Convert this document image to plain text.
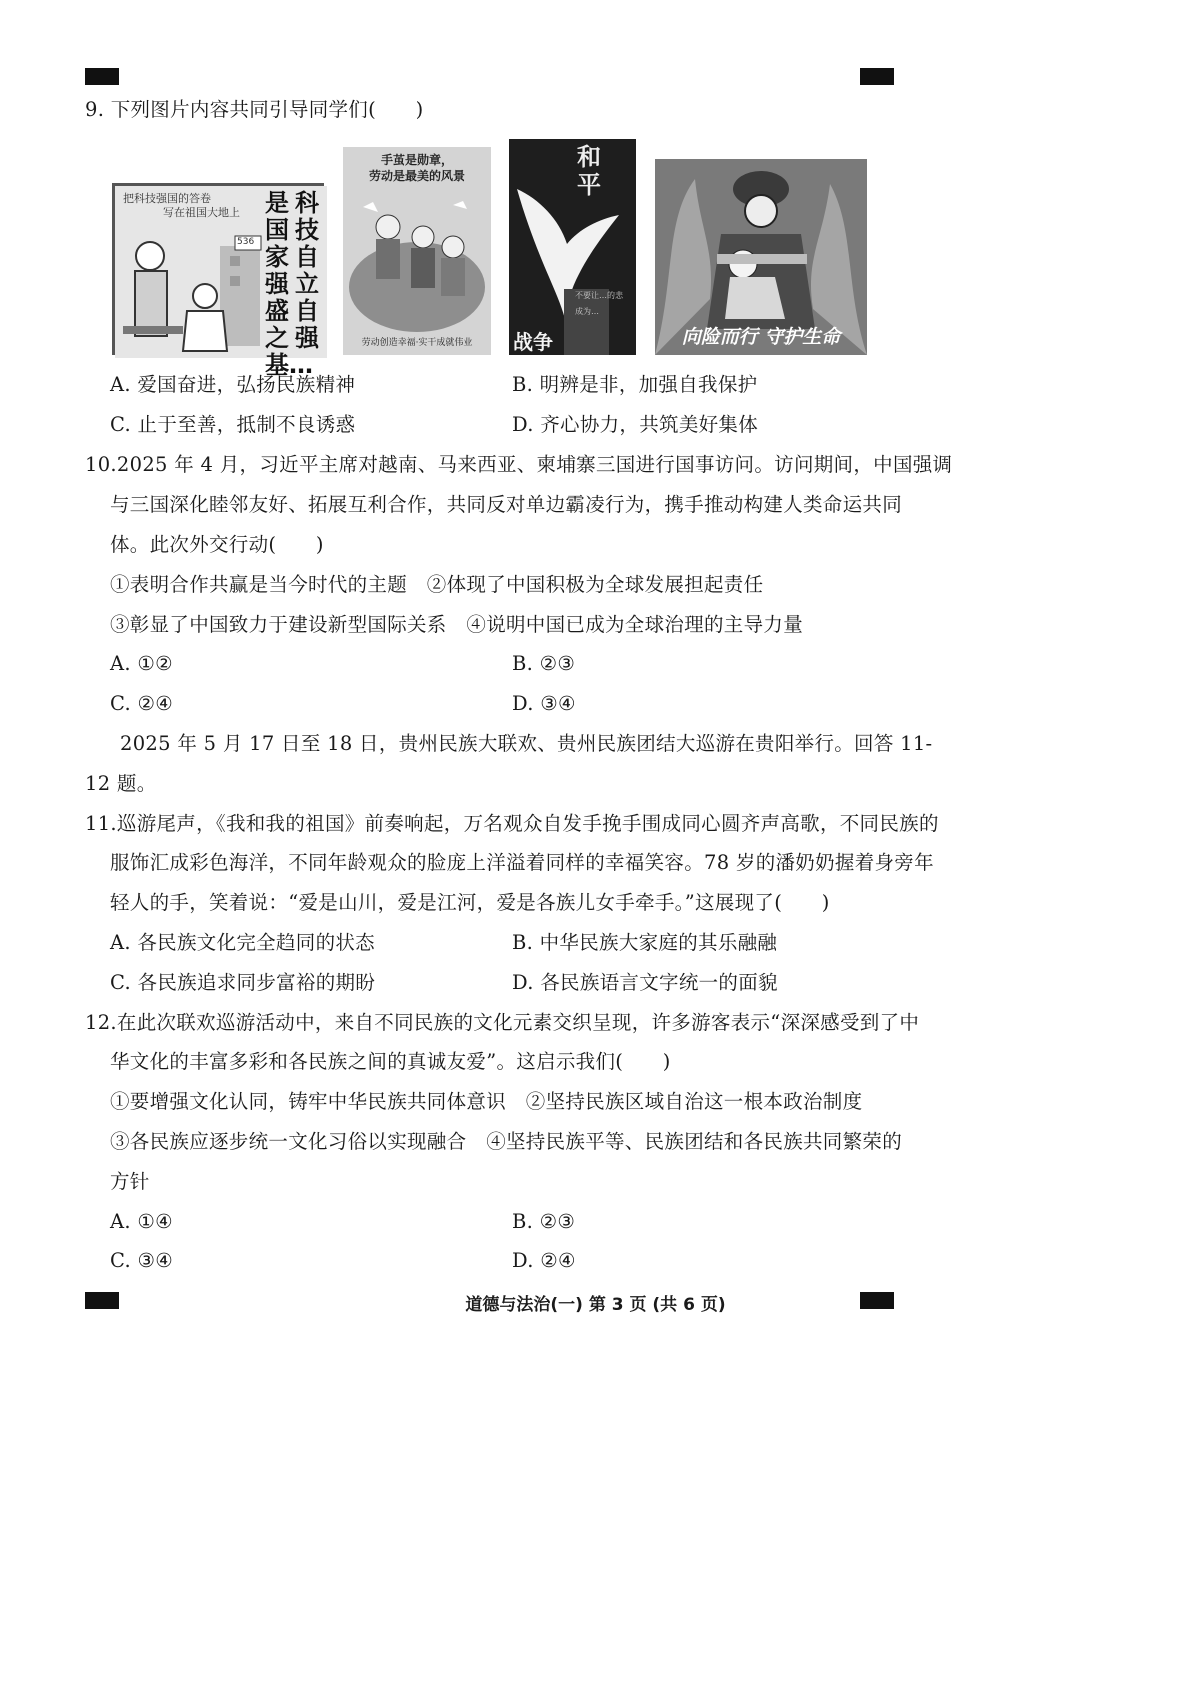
9. 下列图片内容共同引导同学们(　　)
把科技强国的答卷
写在祖国大地上
536
科技自立自强
是国家强盛之基…
手茧是勋章，
劳动是最美的风景
劳动创造幸福·实干成就伟业
和平
不要让…的悲
成为…
战争	向险而行 守护生命
A. 爱国奋进，弘扬民族精神	B. 明辨是非，加强自我保护
C. 止于至善，抵制不良诱惑	D. 齐心协力，共筑美好集体
10.2025 年 4 月，习近平主席对越南、马来西亚、柬埔寨三国进行国事访问。访问期间，中国强调
与三国深化睦邻友好、拓展互利合作，共同反对单边霸凌行为，携手推动构建人类命运共同
体。此次外交行动(　　)
①表明合作共赢是当今时代的主题　②体现了中国积极为全球发展担起责任
③彰显了中国致力于建设新型国际关系　④说明中国已成为全球治理的主导力量
A. ①②	B. ②③
C. ②④	D. ③④
2025 年 5 月 17 日至 18 日，贵州民族大联欢、贵州民族团结大巡游在贵阳举行。回答 11-
12 题。
11.巡游尾声，《我和我的祖国》前奏响起，万名观众自发手挽手围成同心圆齐声高歌，不同民族的
服饰汇成彩色海洋，不同年龄观众的脸庞上洋溢着同样的幸福笑容。78 岁的潘奶奶握着身旁年
轻人的手，笑着说：“爱是山川，爱是江河，爱是各族儿女手牵手。”这展现了(　　)
A. 各民族文化完全趋同的状态	B. 中华民族大家庭的其乐融融
C. 各民族追求同步富裕的期盼	D. 各民族语言文字统一的面貌
12.在此次联欢巡游活动中，来自不同民族的文化元素交织呈现，许多游客表示“深深感受到了中
华文化的丰富多彩和各民族之间的真诚友爱”。这启示我们(　　)
①要增强文化认同，铸牢中华民族共同体意识　②坚持民族区域自治这一根本政治制度
③各民族应逐步统一文化习俗以实现融合　④坚持民族平等、民族团结和各民族共同繁荣的
方针
A. ①④	B. ②③
C. ③④	D. ②④
道德与法治(一) 第 3 页 (共 6 页)
